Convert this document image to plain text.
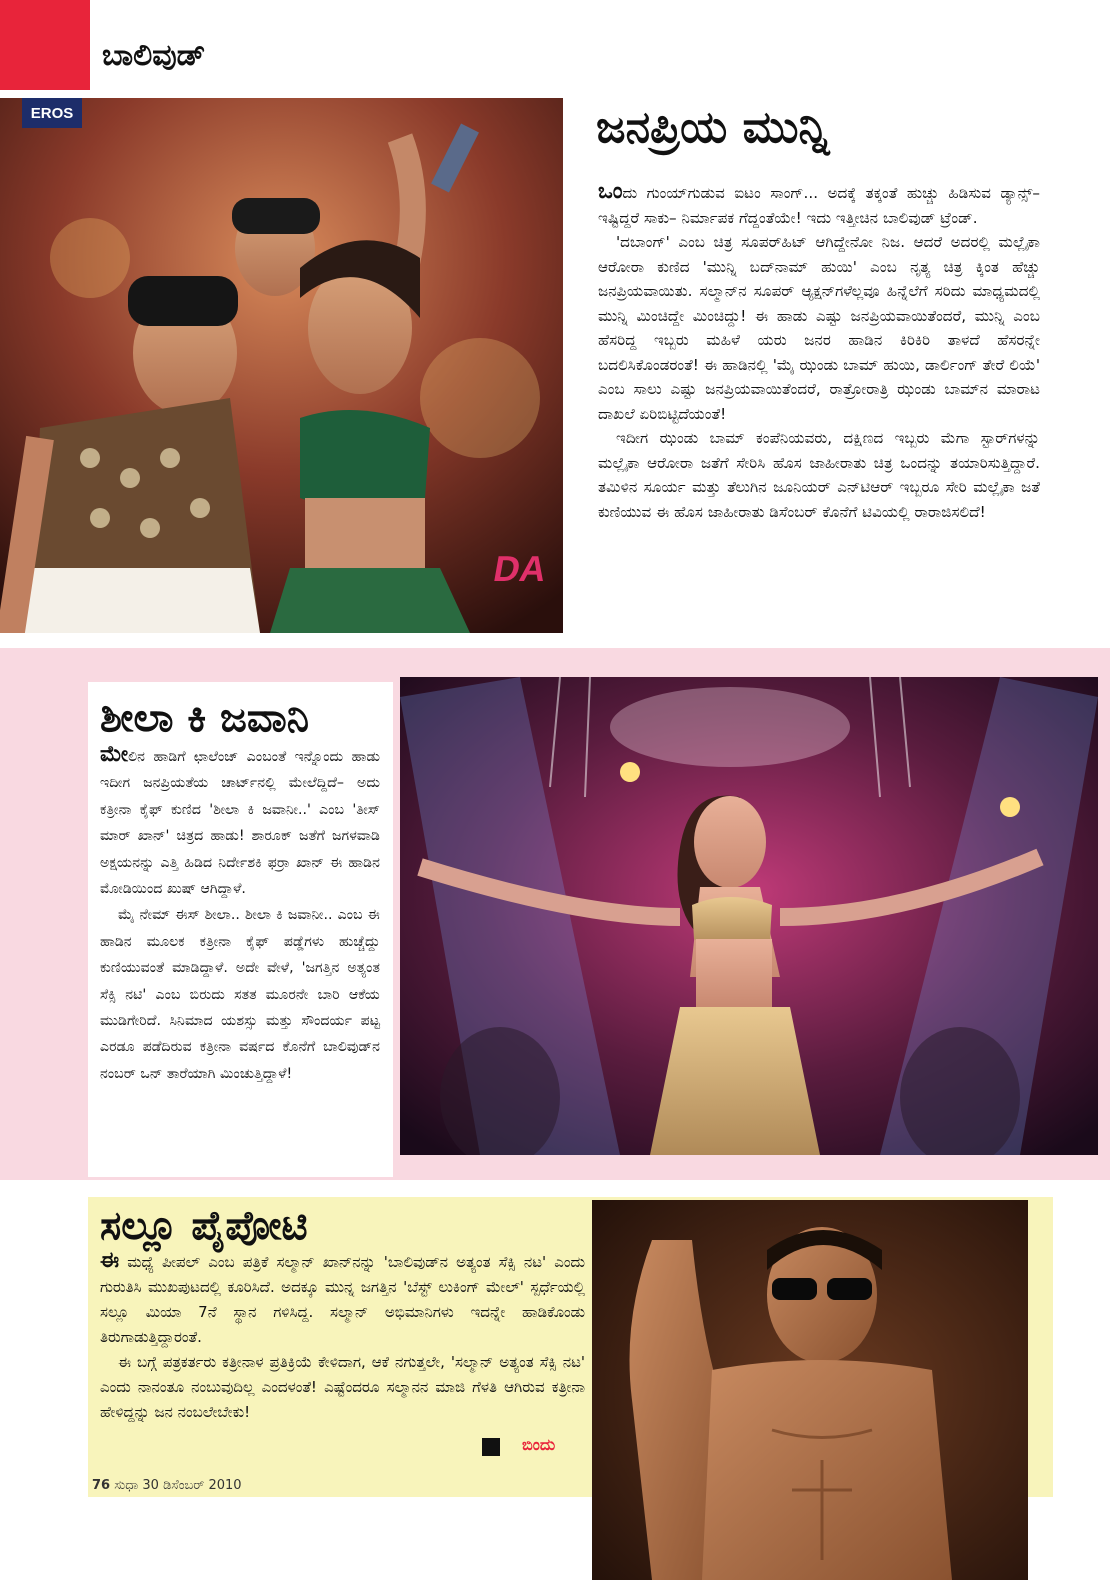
ಬಾಲಿವುಡ್
EROS
DA
ಜನಪ್ರಿಯ ಮುನ್ನಿ

ಒಂದು ಗುಂಯ್‌ಗುಡುವ ಐಟಂ ಸಾಂಗ್... ಅದಕ್ಕೆ ತಕ್ಕಂತೆ ಹುಚ್ಚು ಹಿಡಿಸುವ ಡ್ಯಾನ್ಸ್– ಇಷ್ಟಿದ್ದರೆ ಸಾಕು– ನಿರ್ಮಾಪಕ ಗೆದ್ದಂತೆಯೇ! ಇದು ಇತ್ತೀಚಿನ ಬಾಲಿವುಡ್ ಟ್ರೆಂಡ್.

'ದಬಾಂಗ್' ಎಂಬ ಚಿತ್ರ ಸೂಪರ್‌ಹಿಟ್ ಆಗಿದ್ದೇನೋ ನಿಜ. ಆದರೆ ಅದರಲ್ಲಿ ಮಲ್ಲೈಕಾ ಆರೋರಾ ಕುಣಿದ 'ಮುನ್ನಿ ಬದ್‌ನಾಮ್ ಹುಯಿ' ಎಂಬ ನೃತ್ಯ ಚಿತ್ರ ಕ್ಕಿಂತ ಹೆಚ್ಚು ಜನಪ್ರಿಯವಾಯಿತು. ಸಲ್ಮಾನ್‌ನ ಸೂಪರ್ ಆ್ಯಕ್ಷನ್‌ಗಳೆಲ್ಲವೂ ಹಿನ್ನೆಲೆಗೆ ಸರಿದು ಮಾಧ್ಯಮದಲ್ಲಿ ಮುನ್ನಿ ಮಿಂಚಿದ್ದೇ ಮಿಂಚಿದ್ದು! ಈ ಹಾಡು ಎಷ್ಟು ಜನಪ್ರಿಯವಾಯಿತೆಂದರೆ, ಮುನ್ನಿ ಎಂಬ ಹೆಸರಿದ್ದ ಇಬ್ಬರು ಮಹಿಳೆ ಯರು ಜನರ ಹಾಡಿನ ಕಿರಿಕಿರಿ ತಾಳದೆ ಹೆಸರನ್ನೇ ಬದಲಿಸಿಕೊಂಡರಂತೆ! ಈ ಹಾಡಿನಲ್ಲಿ 'ಮೈ ಝಂಡು ಬಾಮ್ ಹುಯಿ, ಡಾರ್ಲಿಂಗ್ ತೇರೆ ಲಿಯೆ' ಎಂಬ ಸಾಲು ಎಷ್ಟು ಜನಪ್ರಿಯವಾಯಿತೆಂದರೆ, ರಾತ್ರೋರಾತ್ರಿ ಝಂಡು ಬಾಮ್‌ನ ಮಾರಾಟ ದಾಖಲೆ ಏರಿಬಿಟ್ಟಿದೆಯಂತೆ!

ಇದೀಗ ಝಂಡು ಬಾಮ್ ಕಂಪೆನಿಯವರು, ದಕ್ಷಿಣದ ಇಬ್ಬರು ಮೆಗಾ ಸ್ಟಾರ್‌ಗಳನ್ನು ಮಲ್ಲೈಕಾ ಆರೋರಾ ಜತೆಗೆ ಸೇರಿಸಿ ಹೊಸ ಜಾಹೀರಾತು ಚಿತ್ರ ಒಂದನ್ನು ತಯಾರಿಸುತ್ತಿದ್ದಾರೆ. ತಮಿಳಿನ ಸೂರ್ಯ ಮತ್ತು ತೆಲುಗಿನ ಜೂನಿಯರ್ ಎನ್‌ಟಿಆರ್ ಇಬ್ಬರೂ ಸೇರಿ ಮಲ್ಲೈಕಾ ಜತೆ ಕುಣಿಯುವ ಈ ಹೊಸ ಜಾಹೀರಾತು ಡಿಸೆಂಬರ್ ಕೊನೆಗೆ ಟಿವಿಯಲ್ಲಿ ರಾರಾಜಿಸಲಿದೆ!

ಶೀಲಾ ಕಿ ಜವಾನಿ

ಮೇಲಿನ ಹಾಡಿಗೆ ಛಾಲೆಂಜ್ ಎಂಬಂತೆ ಇನ್ನೊಂದು ಹಾಡು ಇದೀಗ ಜನಪ್ರಿಯತೆಯ ಚಾರ್ಟ್‌ನಲ್ಲಿ ಮೇಲೆದ್ದಿದೆ– ಅದು ಕತ್ರೀನಾ ಕೈಫ್ ಕುಣಿದ 'ಶೀಲಾ ಕಿ ಜವಾನೀ..' ಎಂಬ 'ತೀಸ್ ಮಾರ್ ಖಾನ್' ಚಿತ್ರದ ಹಾಡು! ಶಾರೂಕ್ ಜತೆಗೆ ಜಗಳವಾಡಿ ಅಕ್ಷಯನನ್ನು ಎತ್ತಿ ಹಿಡಿದ ನಿರ್ದೇಶಕಿ ಫರ್ರಾ ಖಾನ್ ಈ ಹಾಡಿನ ಮೋಡಿಯಿಂದ ಖುಷ್ ಆಗಿದ್ದಾಳೆ.

ಮೈ ನೇಮ್ ಈಸ್ ಶೀಲಾ.. ಶೀಲಾ ಕಿ ಜವಾನೀ.. ಎಂಬ ಈ ಹಾಡಿನ ಮೂಲಕ ಕತ್ರೀನಾ ಕೈಫ್ ಪಡ್ಡೆಗಳು ಹುಚ್ಚೆದ್ದು ಕುಣಿಯುವಂತೆ ಮಾಡಿದ್ದಾಳೆ. ಅದೇ ವೇಳೆ, 'ಜಗತ್ತಿನ ಅತ್ಯಂತ ಸೆಕ್ಸಿ ನಟಿ' ಎಂಬ ಬಿರುದು ಸತತ ಮೂರನೇ ಬಾರಿ ಆಕೆಯ ಮುಡಿಗೇರಿದೆ. ಸಿನಿಮಾದ ಯಶಸ್ಸು ಮತ್ತು ಸೌಂದರ್ಯ ಪಟ್ಟ ಎರಡೂ ಪಡೆದಿರುವ ಕತ್ರೀನಾ ವರ್ಷದ ಕೊನೆಗೆ ಬಾಲಿವುಡ್‌ನ ನಂಬರ್ ಒನ್ ತಾರೆಯಾಗಿ ಮಿಂಚುತ್ತಿದ್ದಾಳೆ!

ಸಲ್ಲೂ ಪೈಪೋಟಿ

ಈ ಮಧ್ಯೆ ಪೀಪಲ್ ಎಂಬ ಪತ್ರಿಕೆ ಸಲ್ಮಾನ್ ಖಾನ್‌ನನ್ನು 'ಬಾಲಿವುಡ್‌ನ ಅತ್ಯಂತ ಸೆಕ್ಸಿ ನಟ' ಎಂದು ಗುರುತಿಸಿ ಮುಖಪುಟದಲ್ಲಿ ಕೂರಿಸಿದೆ. ಅದಕ್ಕೂ ಮುನ್ನ ಜಗತ್ತಿನ 'ಬೆಸ್ಟ್ ಲುಕಿಂಗ್ ಮೇಲ್' ಸ್ಪರ್ಧೆಯಲ್ಲಿ ಸಲ್ಲೂ ಮಿಯಾ 7ನೆ ಸ್ಥಾನ ಗಳಿಸಿದ್ದ. ಸಲ್ಮಾನ್ ಅಭಿಮಾನಿಗಳು ಇದನ್ನೇ ಹಾಡಿಕೊಂಡು ತಿರುಗಾಡುತ್ತಿದ್ದಾರಂತೆ.

ಈ ಬಗ್ಗೆ ಪತ್ರಕರ್ತರು ಕತ್ರೀನಾಳ ಪ್ರತಿಕ್ರಿಯೆ ಕೇಳಿದಾಗ, ಆಕೆ ನಗುತ್ತಲೇ, 'ಸಲ್ಮಾನ್ ಅತ್ಯಂತ ಸೆಕ್ಸಿ ನಟ' ಎಂದು ನಾನಂತೂ ನಂಬುವುದಿಲ್ಲ ಎಂದಳಂತೆ! ಎಷ್ಟೆಂದರೂ ಸಲ್ಮಾನನ ಮಾಜಿ ಗೆಳತಿ ಆಗಿರುವ ಕತ್ರೀನಾ ಹೇಳಿದ್ದನ್ನು ಜನ ನಂಬಲೇಬೇಕು!

ಬಿಂದು
76 ಸುಧಾ 30 ಡಿಸೆಂಬರ್ 2010
